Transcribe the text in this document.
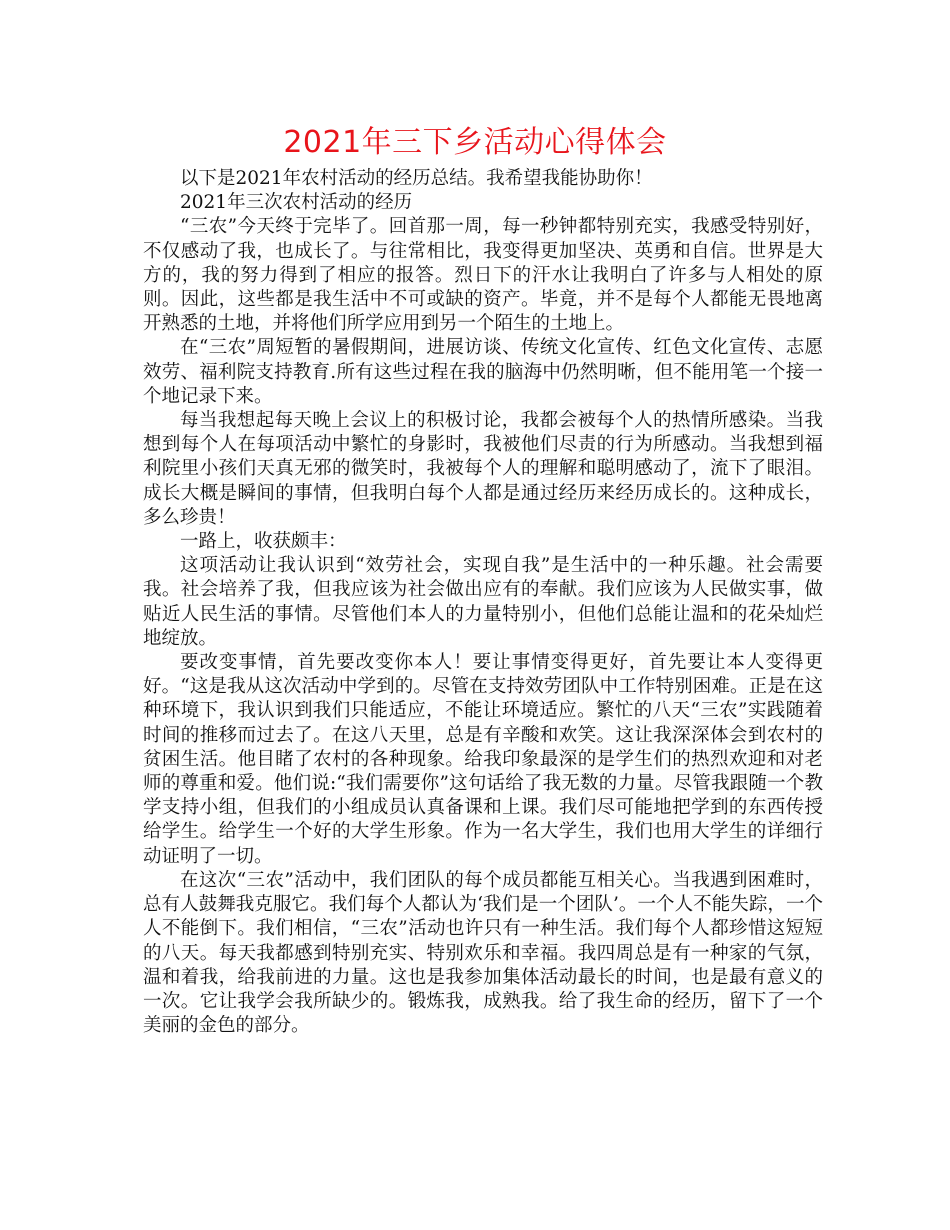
2021年三下乡活动心得体会

以下是2021年农村活动的经历总结。我希望我能协助你！

2021年三次农村活动的经历

“三农”今天终于完毕了。回首那一周，每一秒钟都特别充实，我感受特别好，不仅感动了我，也成长了。与往常相比，我变得更加坚决、英勇和自信。世界是大方的，我的努力得到了相应的报答。烈日下的汗水让我明白了许多与人相处的原则。因此，这些都是我生活中不可或缺的资产。毕竟，并不是每个人都能无畏地离开熟悉的土地，并将他们所学应用到另一个陌生的土地上。

在“三农”周短暂的暑假期间，进展访谈、传统文化宣传、红色文化宣传、志愿效劳、福利院支持教育.所有这些过程在我的脑海中仍然明晰，但不能用笔一个接一个地记录下来。

每当我想起每天晚上会议上的积极讨论，我都会被每个人的热情所感染。当我想到每个人在每项活动中繁忙的身影时，我被他们尽责的行为所感动。当我想到福利院里小孩们天真无邪的微笑时，我被每个人的理解和聪明感动了，流下了眼泪。成长大概是瞬间的事情，但我明白每个人都是通过经历来经历成长的。这种成长，多么珍贵！

一路上，收获颇丰：

这项活动让我认识到“效劳社会，实现自我”是生活中的一种乐趣。社会需要我。社会培养了我，但我应该为社会做出应有的奉献。我们应该为人民做实事，做贴近人民生活的事情。尽管他们本人的力量特别小，但他们总能让温和的花朵灿烂地绽放。

要改变事情，首先要改变你本人！要让事情变得更好，首先要让本人变得更好。“这是我从这次活动中学到的。尽管在支持效劳团队中工作特别困难。正是在这种环境下，我认识到我们只能适应，不能让环境适应。繁忙的八天“三农”实践随着时间的推移而过去了。在这八天里，总是有辛酸和欢笑。这让我深深体会到农村的贫困生活。他目睹了农村的各种现象。给我印象最深的是学生们的热烈欢迎和对老师的尊重和爱。他们说:“我们需要你”这句话给了我无数的力量。尽管我跟随一个教学支持小组，但我们的小组成员认真备课和上课。我们尽可能地把学到的东西传授给学生。给学生一个好的大学生形象。作为一名大学生，我们也用大学生的详细行动证明了一切。

在这次“三农”活动中，我们团队的每个成员都能互相关心。当我遇到困难时，总有人鼓舞我克服它。我们每个人都认为‘我们是一个团队’。一个人不能失踪，一个人不能倒下。我们相信，“三农”活动也许只有一种生活。我们每个人都珍惜这短短的八天。每天我都感到特别充实、特别欢乐和幸福。我四周总是有一种家的气氛，温和着我，给我前进的力量。这也是我参加集体活动最长的时间，也是最有意义的一次。它让我学会我所缺少的。锻炼我，成熟我。给了我生命的经历，留下了一个美丽的金色的部分。
